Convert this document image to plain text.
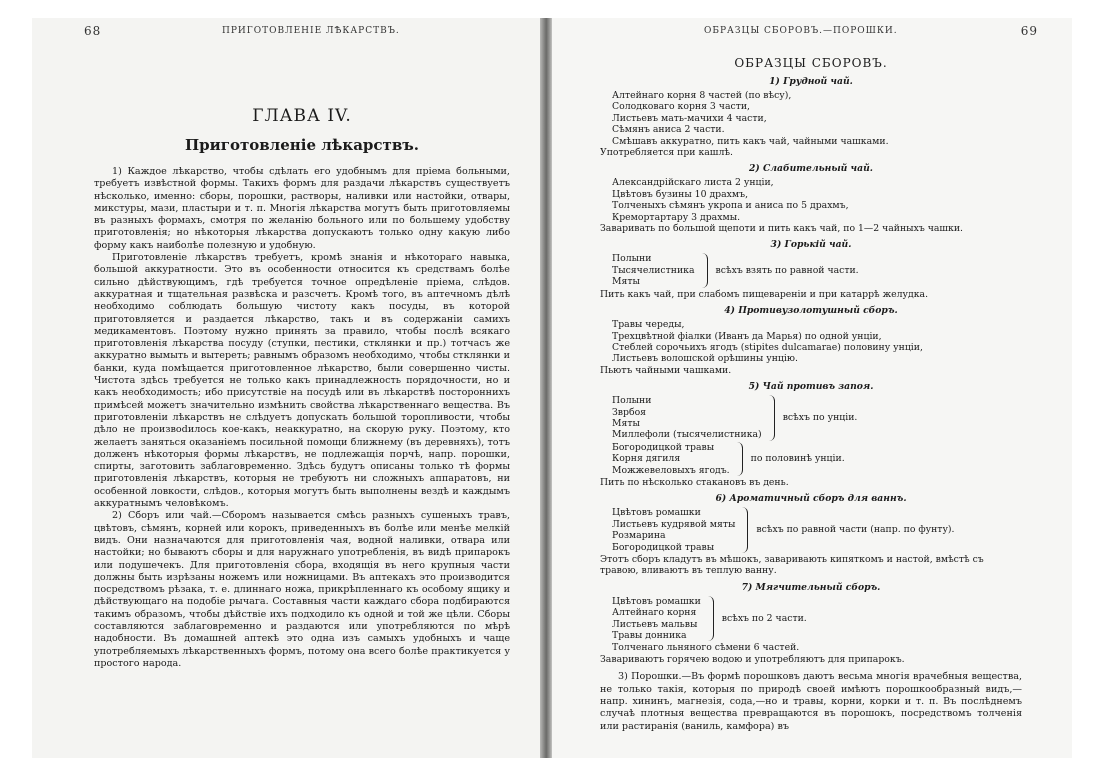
68	ПРИГОТОВЛЕНІЕ ЛѢКАРСТВЪ.
ГЛАВА IV.
Приготовленіе лѣкарствъ.

1) Каждое лѣкарство, чтобы сдѣлать его удобнымъ для пріема больными, требуетъ извѣстной формы. Такихъ формъ для раздачи лѣкарствъ существуетъ нѣсколько, именно: сборы, порошки, растворы, наливки или настойки, отвары, микстуры, мази, пластыри и т. п. Многія лѣкарства могутъ быть приготовляемы въ разныхъ формахъ, смотря по желанію больного или по большему удобству приготовленія; но нѣкоторыя лѣкарства допускаютъ только одну какую либо форму какъ наиболѣе полезную и удобную.

Приготовленіе лѣкарствъ требуетъ, кромѣ знанія и нѣкотораго навыка, большой аккуратности. Это въ особенности относится къ средствамъ болѣе сильно дѣйствующимъ, гдѣ требуется точное опредѣленіе пріема, слѣдов. аккуратная и тщательная развѣска и разсчетъ. Кромѣ того, въ аптечномъ дѣлѣ необходимо соблюдать большую чистоту какъ посуды, въ которой приготовляется и раздается лѣкарство, такъ и въ содержаніи самихъ медикаментовъ. Поэтому нужно принять за правило, чтобы послѣ всякаго приготовленія лѣкарства посуду (ступки, пестики, стклянки и пр.) тотчасъ же аккуратно вымыть и вытереть; равнымъ образомъ необходимо, чтобы стклянки и банки, куда помѣщается приготовленное лѣкарство, были совершенно чисты. Чистота здѣсь требуется не только какъ принадлежность порядочности, но и какъ необходимость; ибо присутствіе на посудѣ или въ лѣкарствѣ постороннихъ примѣсей можетъ значительно измѣнить свойства лѣкарственнаго вещества. Въ приготовленіи лѣкарствъ не слѣдуетъ допускать большой торопливости, чтобы дѣло не произвodилось кое-какъ, неаккуратно, на скорую руку. Поэтому, кто желаетъ заняться оказаніемъ посильной помощи ближнему (въ деревняхъ), тотъ долженъ нѣкоторыя формы лѣкарствъ, не подлежащія порчѣ, напр. порошки, спирты, заготовить заблаговременно. Здѣсь будутъ описаны только тѣ формы приготовленія лѣкарствъ, которыя не требуютъ ни сложныхъ аппаратовъ, ни особенной ловкости, слѣдов., которыя могутъ быть выполнены вездѣ и каждымъ аккуратнымъ человѣкомъ.

2) Сборъ или чай.—Сборомъ называется смѣсь разныхъ сушеныхъ травъ, цвѣтовъ, сѣмянъ, корней или корокъ, приведенныхъ въ болѣе или менѣе мелкій видъ. Они назначаются для приготовленія чая, водной наливки, отвара или настойки; но бываютъ сборы и для наружнаго употребленія, въ видѣ припарокъ или подушечекъ. Для приготовленія сбора, входящія въ него крупныя части должны быть изрѣзаны ножемъ или ножницами. Въ аптекахъ это производится посредствомъ рѣзака, т. е. длиннаго ножа, прикрѣпленнаго къ особому ящику и дѣйствующаго на подобіе рычага. Составныя части каждаго сбора подбираются такимъ образомъ, чтобы дѣйствіе ихъ подходило къ одной и той же цѣли. Сборы составляются заблаговременно и раздаются или употребляются по мѣрѣ надобности. Въ домашней аптекѣ это одна изъ самыхъ удобныхъ и чаще употребляемыхъ лѣкарственныхъ формъ, потому она всего болѣе практикуется у простого народа.

ОБРАЗЦЫ СБОРОВЪ.—ПОРОШКИ.	69
ОБРАЗЦЫ СБОРОВЪ.
1) Грудной чай.
Алтейнаго корня 8 частей (по вѣсу),
Солодковаго корня 3 части,
Листьевъ мать-мачихи 4 части,
Сѣмянъ аниса 2 части.
Смѣшавъ аккуратно, пить какъ чай, чайными чашками.
Употребляется при кашлѣ.
2) Слабительный чай.
Александрійскаго листа 2 унціи,
Цвѣтовъ бузины 10 драхмъ,
Толченыхъ сѣмянъ укропа и аниса по 5 драхмъ,
Кремортартару 3 драхмы.
Заваривать по большой щепоти и пить какъ чай, по 1—2 чайныхъ чашки.
3) Горькій чай.
Полыни
Тысячелистника
Мяты
всѣхъ взять по равной части.
Пить какъ чай, при слабомъ пищевареніи и при катаррѣ желудка.
4) Противузолотушный сборъ.
Травы череды,
Трехцвѣтной фіалки (Иванъ да Марья) по одной унціи,
Стеблей сорочьихъ ягодъ (stipites dulcamarae) половину унціи,
Листьевъ волошской орѣшины унцію.
Пьютъ чайными чашками.
5) Чай противъ запоя.
Полыни
Зврбоя
Мяты
Миллефоли (тысячелистника)
всѣхъ по унціи.
Богородицкой травы
Корня дягиля
Можжевеловыхъ ягодъ.
по половинѣ унціи.
Пить по нѣсколько стакановъ въ день.
6) Ароматичный сборъ для ваннъ.
Цвѣтовъ ромашки
Листьевъ кудрявой мяты
Розмарина
Богородицкой травы
всѣхъ по равной части (напр. по фунту).
Этотъ сборъ кладутъ въ мѣшокъ, заваривають кипяткомъ и настой, вмѣстѣ съ травою, вливаютъ въ теплую ванну.
7) Мягчительный сборъ.
Цвѣтовъ ромашки
Алтейнаго корня
Листьевъ мальвы
Травы донника
всѣхъ по 2 части.
Толченаго льняного сѣмени 6 частей.
Завариваютъ горячею водою и употребляютъ для припарокъ.

3) Порошки.—Въ формѣ порошковъ даютъ весьма многія врачебныя вещества, не только такія, которыя по природѣ своей имѣютъ порошкообразный видъ,—напр. хининъ, магнезія, сода,—но и травы, корни, корки и т. п. Въ послѣднемъ случаѣ плотныя вещества превращаются въ порошокъ, посредствомъ толченія или растиранія (ваниль, камфора) въ
